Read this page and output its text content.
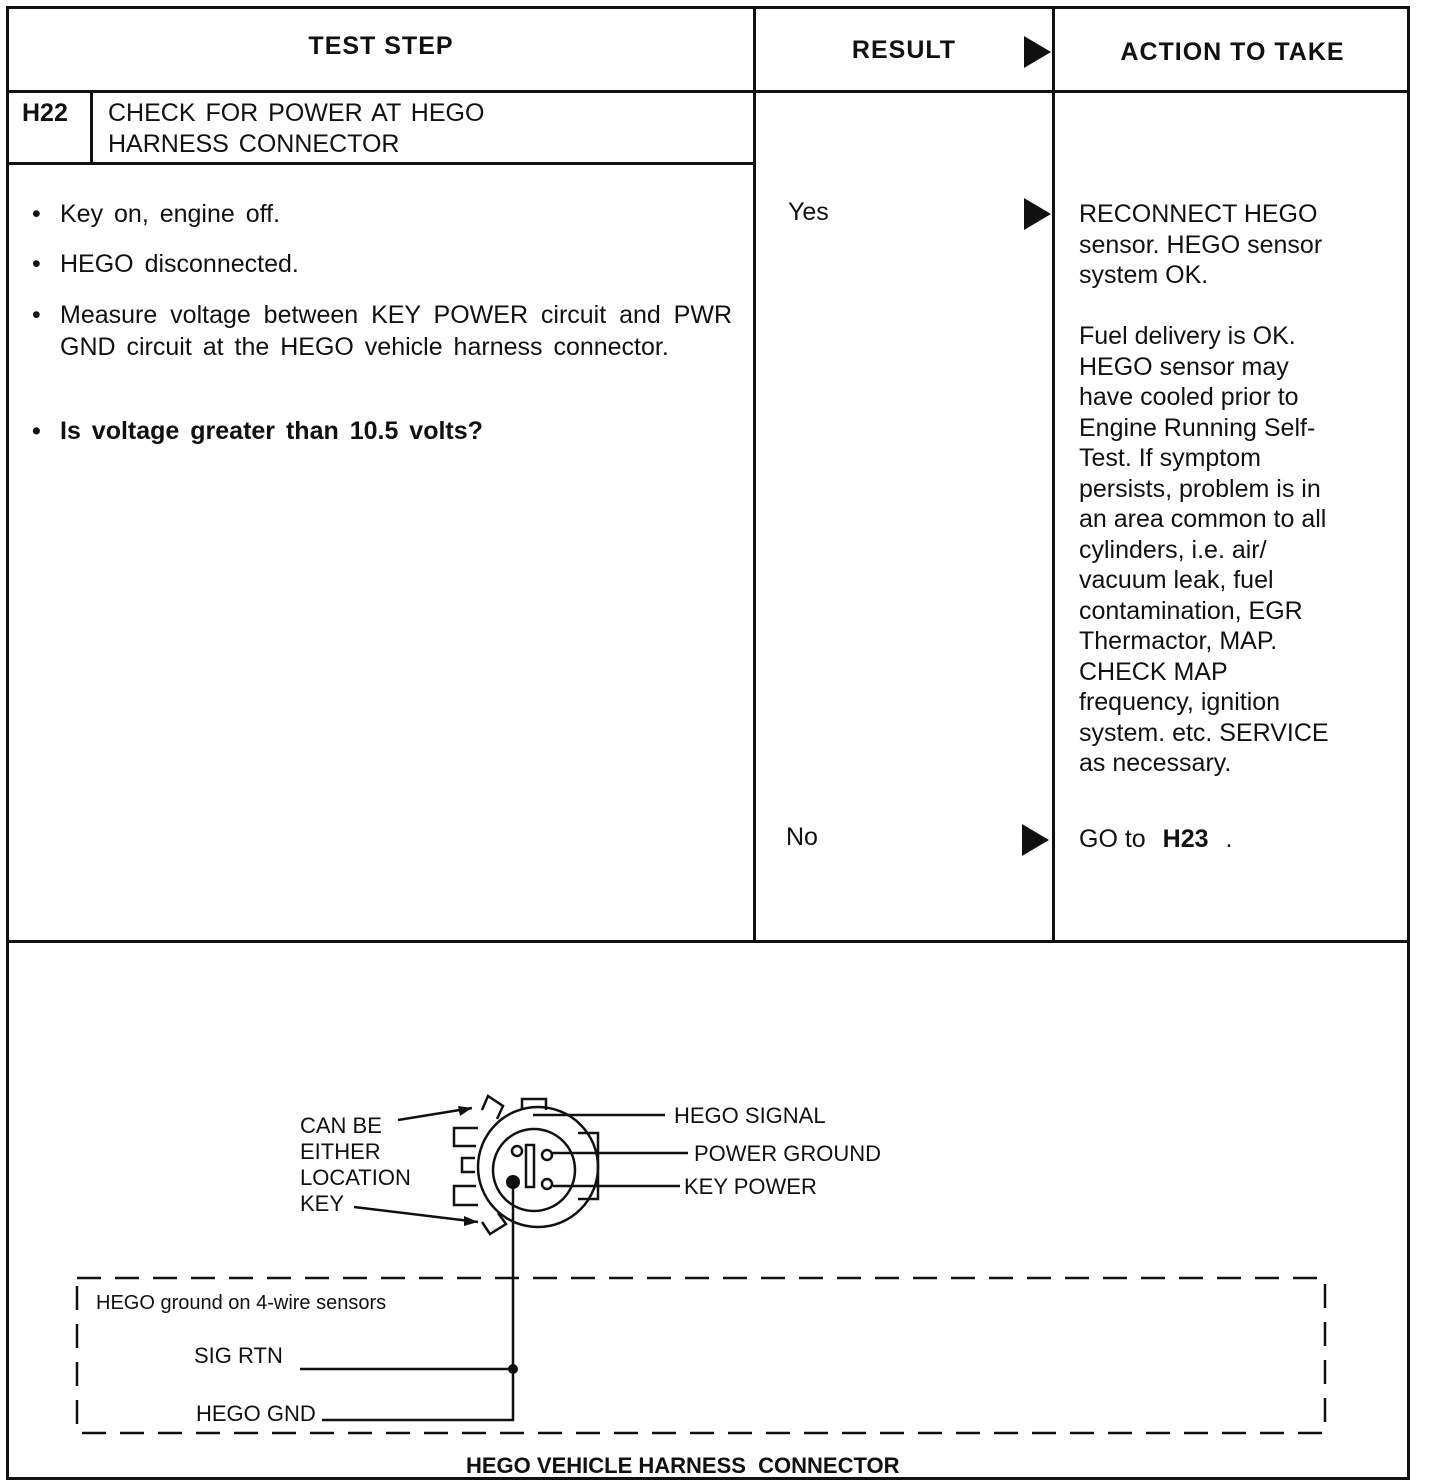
TEST STEP	RESULT	ACTION TO TAKE
H22 CHECK FOR POWER AT HEGO
HARNESS CONNECTOR
• Key on, engine off.
• HEGO disconnected.
• Measure voltage between KEY POWER circuit and PWR GND circuit at the HEGO vehicle harness connector.
• Is voltage greater than 10.5 volts?
Yes
No
RECONNECT HEGO
sensor. HEGO sensor
system OK.
Fuel delivery is OK.
HEGO sensor may
have cooled prior to
Engine Running Self-
Test. If symptom
persists, problem is in
an area common to all
cylinders, i.e. air/
vacuum leak, fuel
contamination, EGR
Thermactor, MAP.
CHECK MAP
frequency, ignition
system. etc. SERVICE
as necessary.
GO to H23 .
CAN BE
EITHER
LOCATION
KEY
HEGO SIGNAL
POWER GROUND
KEY POWER
HEGO ground on 4-wire sensors
SIG RTN
HEGO GND
HEGO VEHICLE HARNESS  CONNECTOR
